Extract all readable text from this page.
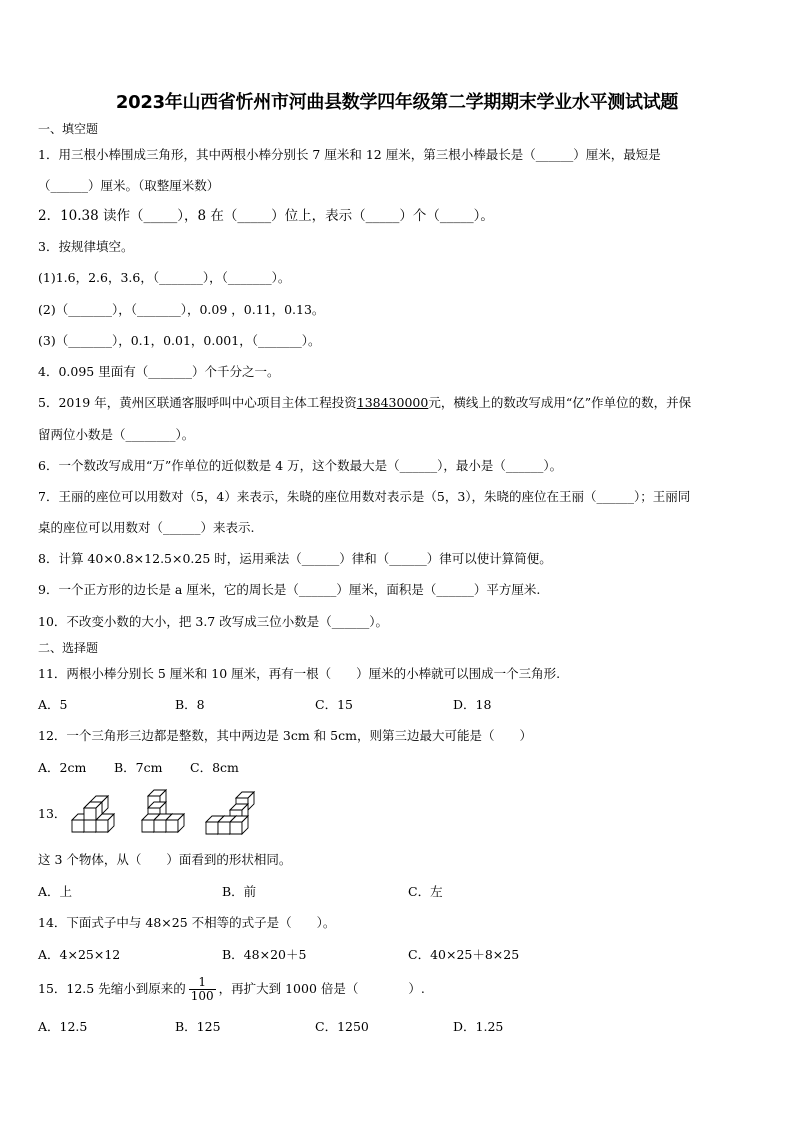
2023年山西省忻州市河曲县数学四年级第二学期期末学业水平测试试题
一、填空题
1．用三根小棒围成三角形，其中两根小棒分别长 7 厘米和 12 厘米，第三根小棒最长是（______）厘米，最短是
（______）厘米。（取整厘米数）
2．10.38 读作（_____），8 在（_____）位上，表示（_____）个（_____）。
3．按规律填空。
(1)1.6，2.6，3.6，（_______），（_______）。
(2)（_______），（_______），0.09 ，0.11，0.13。
(3)（_______），0.1，0.01，0.001，（_______）。
4．0.095 里面有（_______）个千分之一。
5．2019 年，黄州区联通客服呼叫中心项目主体工程投资138430000元，横线上的数改写成用“亿”作单位的数，并保
留两位小数是（________）。
6．一个数改写成用“万”作单位的近似数是 4 万，这个数最大是（______），最小是（______）。
7．王丽的座位可以用数对（5，4）来表示，朱晓的座位用数对表示是（5，3），朱晓的座位在王丽（______）；王丽同
桌的座位可以用数对（______）来表示.
8．计算 40×0.8×12.5×0.25 时，运用乘法（______）律和（______）律可以使计算简便。
9．一个正方形的边长是 a 厘米，它的周长是（______）厘米，面积是（______）平方厘米.
10．不改变小数的大小，把 3.7 改写成三位小数是（______）。
二、选择题
11．两根小棒分别长 5 厘米和 10 厘米，再有一根（　　）厘米的小棒就可以围成一个三角形.
A．5	B．8	C．15	D．18
12．一个三角形三边都是整数，其中两边是 3cm 和 5cm，则第三边最大可能是（　　）
A．2cm B．7cm C．8cm
13．
这 3 个物体，从（　　）面看到的形状相同。
A．上	B．前	C．左
14．下面式子中与 48×25 不相等的式子是（　　）。
A．4×25×12	B．48×20＋5	C．40×25＋8×25
15．12.5 先缩小到原来的 $\frac{1}{100}$ ，再扩大到 1000 倍是（　　　　）.
A．12.5	B．125	C．1250	D．1.25
